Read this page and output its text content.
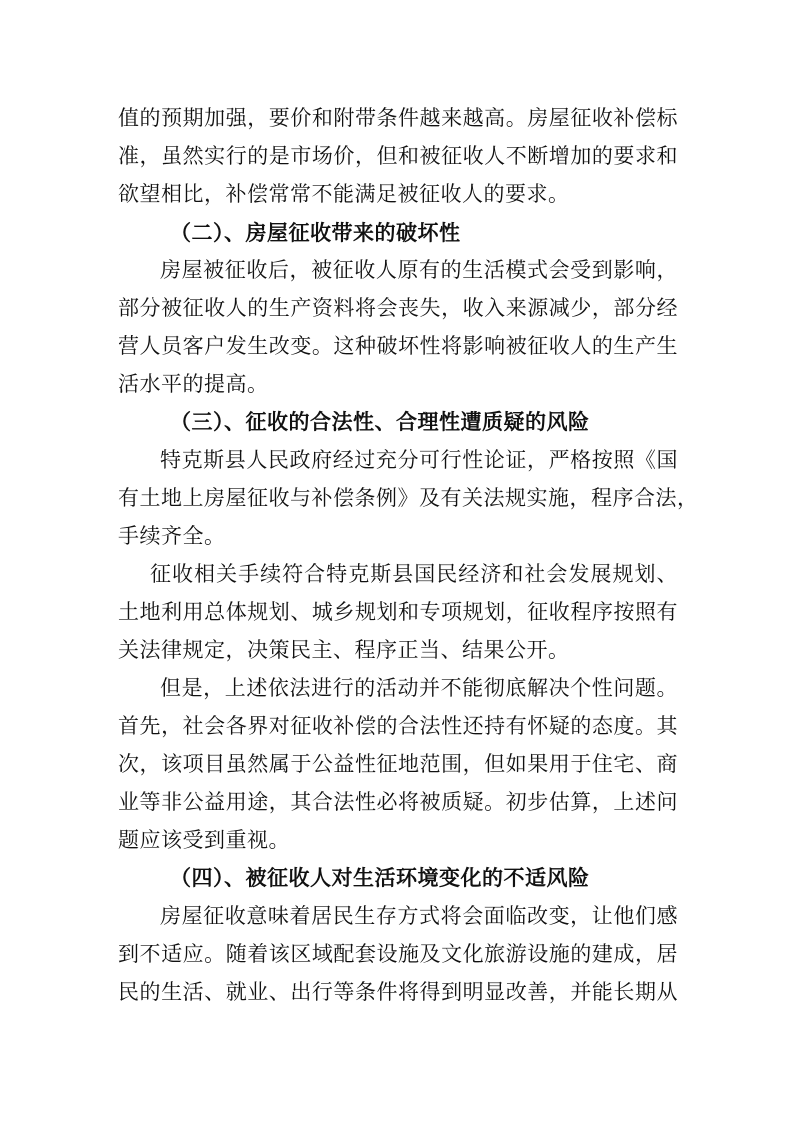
值的预期加强，要价和附带条件越来越高。房屋征收补偿标
准，虽然实行的是市场价，但和被征收人不断增加的要求和
欲望相比，补偿常常不能满足被征收人的要求。
（二）、房屋征收带来的破坏性
房屋被征收后，被征收人原有的生活模式会受到影响，
部分被征收人的生产资料将会丧失，收入来源减少，部分经
营人员客户发生改变。这种破坏性将影响被征收人的生产生
活水平的提高。
（三）、征收的合法性、合理性遭质疑的风险
特克斯县人民政府经过充分可行性论证，严格按照《国
有土地上房屋征收与补偿条例》及有关法规实施，程序合法，
手续齐全。
征收相关手续符合特克斯县国民经济和社会发展规划、
土地利用总体规划、城乡规划和专项规划，征收程序按照有
关法律规定，决策民主、程序正当、结果公开。
但是，上述依法进行的活动并不能彻底解决个性问题。
首先，社会各界对征收补偿的合法性还持有怀疑的态度。其
次，该项目虽然属于公益性征地范围，但如果用于住宅、商
业等非公益用途，其合法性必将被质疑。初步估算，上述问
题应该受到重视。
（四）、被征收人对生活环境变化的不适风险
房屋征收意味着居民生存方式将会面临改变，让他们感
到不适应。随着该区域配套设施及文化旅游设施的建成，居
民的生活、就业、出行等条件将得到明显改善，并能长期从
